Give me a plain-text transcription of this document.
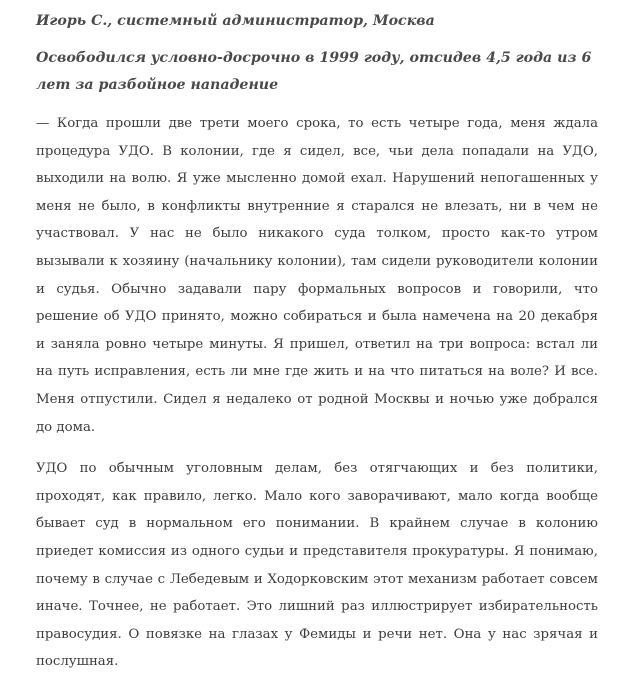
Игорь С., системный администратор, Москва

Освободился условно-досрочно в 1999 году, отсидев 4,5 года из 6 лет за разбойное нападение

— Когда прошли две трети моего срока, то есть четыре года, меня ждала процедура УДО. В колонии, где я сидел, все, чьи дела попадали на УДО, выходили на волю. Я уже мысленно домой ехал. Нарушений непогашенных у меня не было, в конфликты внутренние я старался не влезать, ни в чем не участвовал. У нас не было никакого суда толком, просто как-то утром вызывали к хозяину (начальнику колонии), там сидели руководители колонии и судья. Обычно задавали пару формальных вопросов и говорили, что решение об УДО принято, можно собираться и была намечена на 20 декабря и заняла ровно четыре минуты. Я пришел, ответил на три вопроса: встал ли на путь исправления, есть ли мне где жить и на что питаться на воле? И все. Меня отпустили. Сидел я недалеко от родной Москвы и ночью уже добрался до дома.

УДО по обычным уголовным делам, без отягчающих и без политики, проходят, как правило, легко. Мало кого заворачивают, мало когда вообще бывает суд в нормальном его понимании. В крайнем случае в колонию приедет комиссия из одного судьи и представителя прокуратуры. Я понимаю, почему в случае с Лебедевым и Ходорковским этот механизм работает совсем иначе. Точнее, не работает. Это лишний раз иллюстрирует избирательность правосудия. О повязке на глазах у Фемиды и речи нет. Она у нас зрячая и послушная.
